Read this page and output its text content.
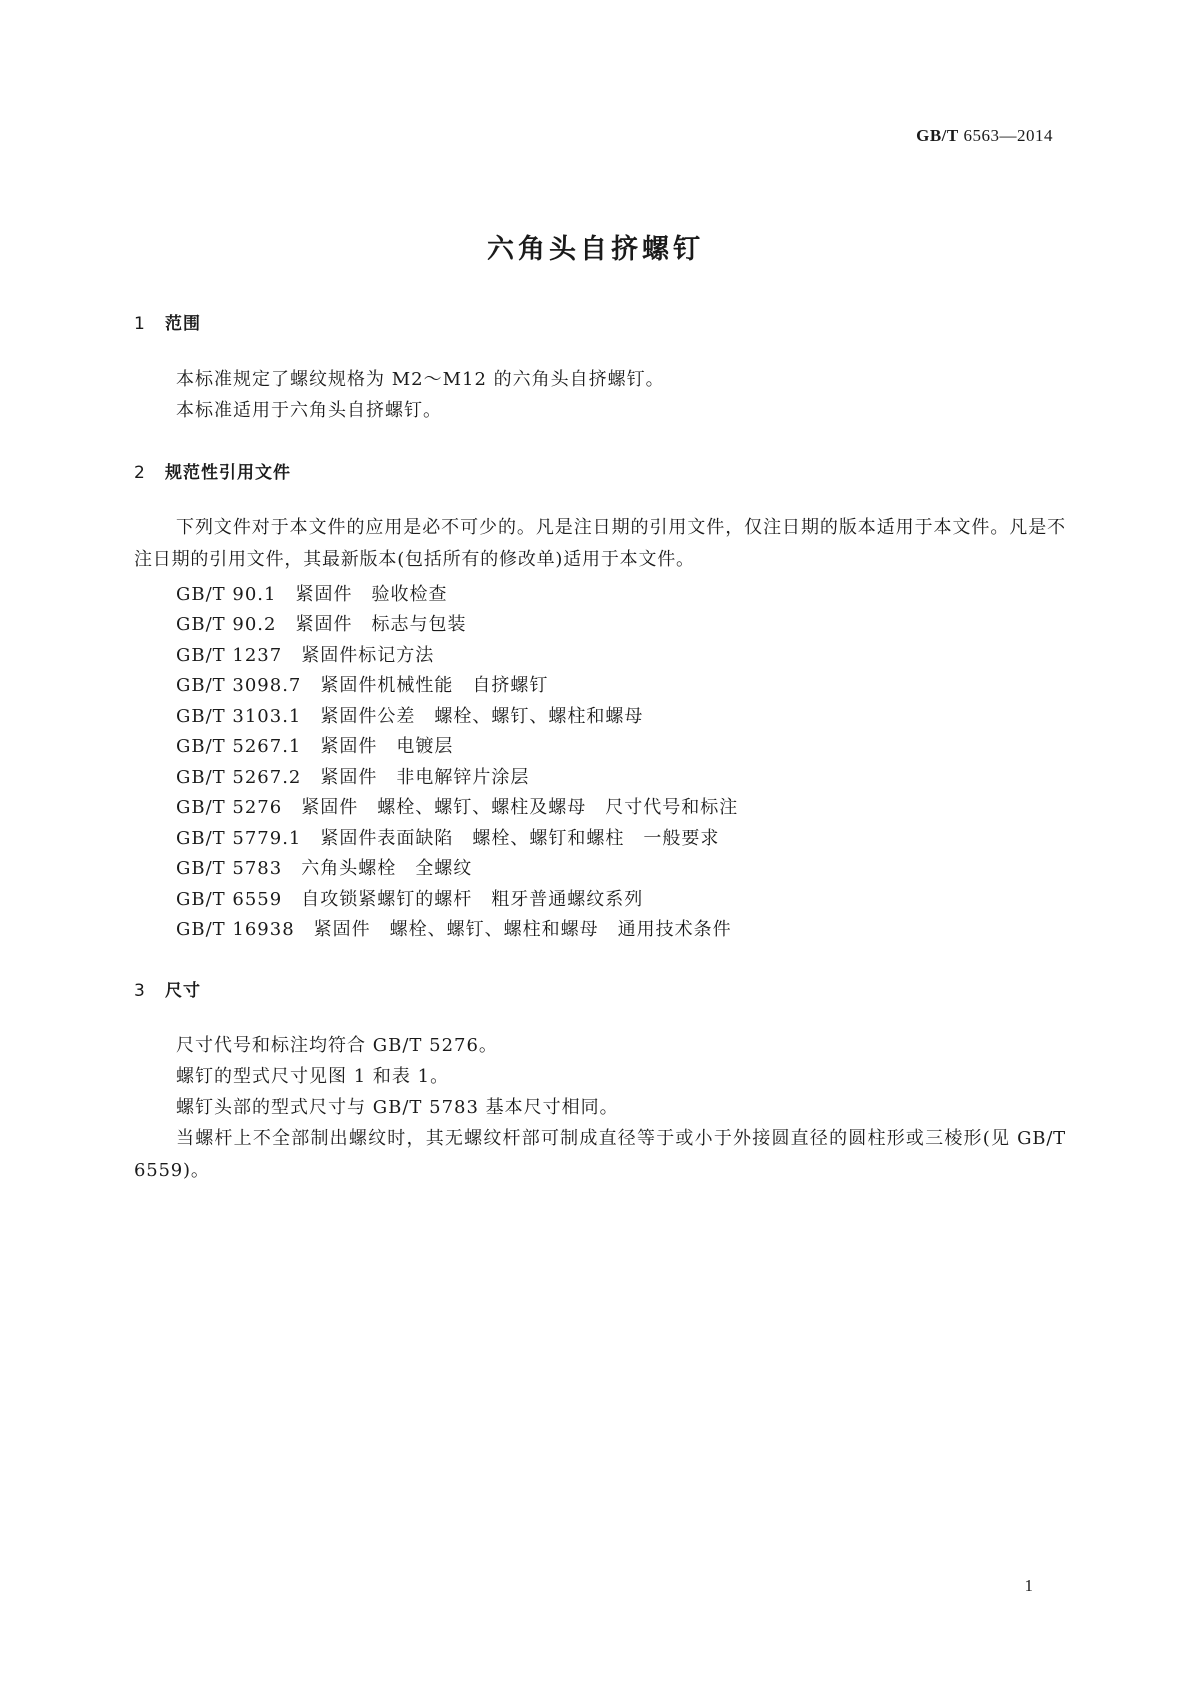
GB/T 6563—2014
六角头自挤螺钉
1 范围
本标准规定了螺纹规格为 M2～M12 的六角头自挤螺钉。
本标准适用于六角头自挤螺钉。
2 规范性引用文件
下列文件对于本文件的应用是必不可少的。凡是注日期的引用文件，仅注日期的版本适用于本文件。凡是不注日期的引用文件，其最新版本(包括所有的修改单)适用于本文件。
GB/T 90.1　紧固件　验收检查
GB/T 90.2　紧固件　标志与包装
GB/T 1237　紧固件标记方法
GB/T 3098.7　紧固件机械性能　自挤螺钉
GB/T 3103.1　紧固件公差　螺栓、螺钉、螺柱和螺母
GB/T 5267.1　紧固件　电镀层
GB/T 5267.2　紧固件　非电解锌片涂层
GB/T 5276　紧固件　螺栓、螺钉、螺柱及螺母　尺寸代号和标注
GB/T 5779.1　紧固件表面缺陷　螺栓、螺钉和螺柱　一般要求
GB/T 5783　六角头螺栓　全螺纹
GB/T 6559　自攻锁紧螺钉的螺杆　粗牙普通螺纹系列
GB/T 16938　紧固件　螺栓、螺钉、螺柱和螺母　通用技术条件
3 尺寸
尺寸代号和标注均符合 GB/T 5276。
螺钉的型式尺寸见图 1 和表 1。
螺钉头部的型式尺寸与 GB/T 5783 基本尺寸相同。
当螺杆上不全部制出螺纹时，其无螺纹杆部可制成直径等于或小于外接圆直径的圆柱形或三棱形(见 GB/T 6559)。
1
